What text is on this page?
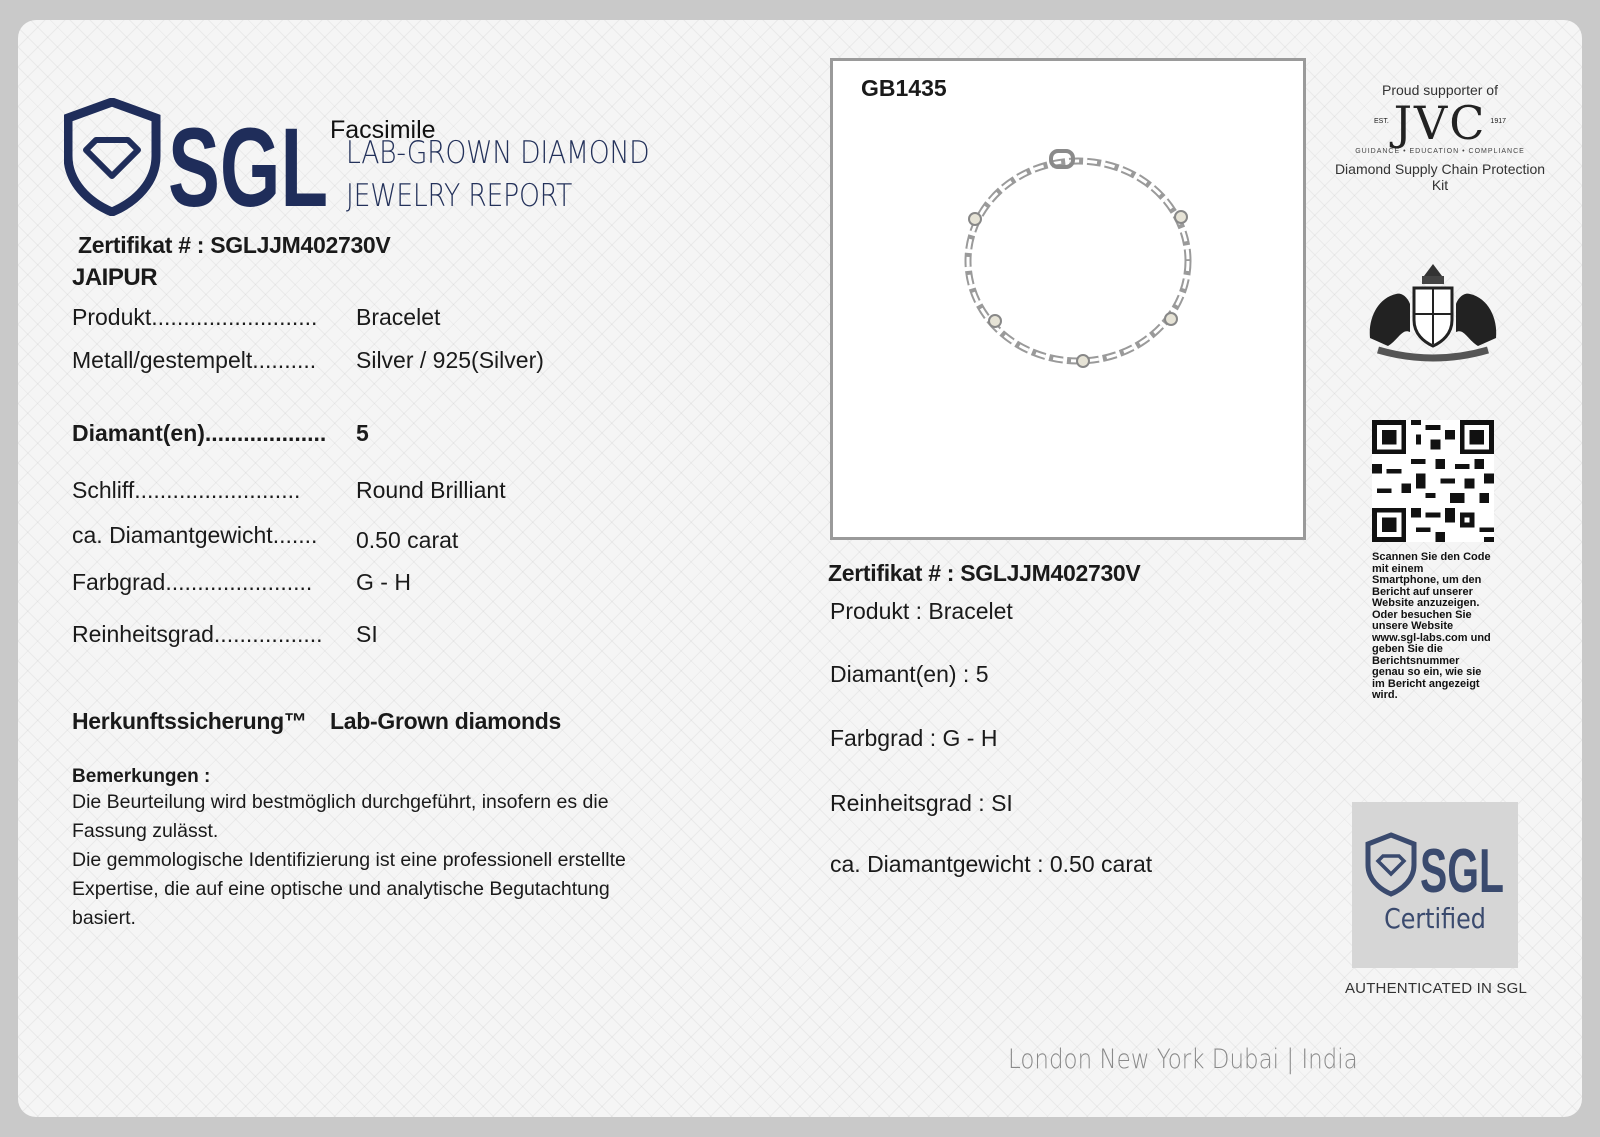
SGL Facsimile
LAB-GROWN DIAMOND
JEWELRY REPORT
Zertifikat # : SGLJJM402730V
JAIPUR
Produkt.......................... Bracelet
Metall/gestempelt.......... Silver / 925(Silver)
Diamant(en)................... 5
Schliff.......................... Round Brilliant
ca. Diamantgewicht....... 0.50 carat
Farbgrad....................... G - H
Reinheitsgrad................. SI
Herkunftssicherung™ Lab-Grown diamonds
Bemerkungen :
Die Beurteilung wird bestmöglich durchgeführt, insofern es die Fassung zulässt.
Die gemmologische Identifizierung ist eine professionell erstellte Expertise, die auf eine optische und analytische Begutachtung basiert.
GB1435
Zertifikat # : SGLJJM402730V
Produkt : Bracelet
Diamant(en) : 5
Farbgrad : G - H
Reinheitsgrad : SI
ca. Diamantgewicht : 0.50 carat
Proud supporter of
EST. JVC 1917
GUIDANCE • EDUCATION • COMPLIANCE
Diamond Supply Chain Protection Kit
Scannen Sie den Code mit einem Smartphone, um den Bericht auf unserer Website anzuzeigen. Oder besuchen Sie unsere Website www.sgl-labs.com und geben Sie die Berichtsnummer genau so ein, wie sie im Bericht angezeigt wird.
SGL
Certified
AUTHENTICATED IN SGL
London New York Dubai | India
